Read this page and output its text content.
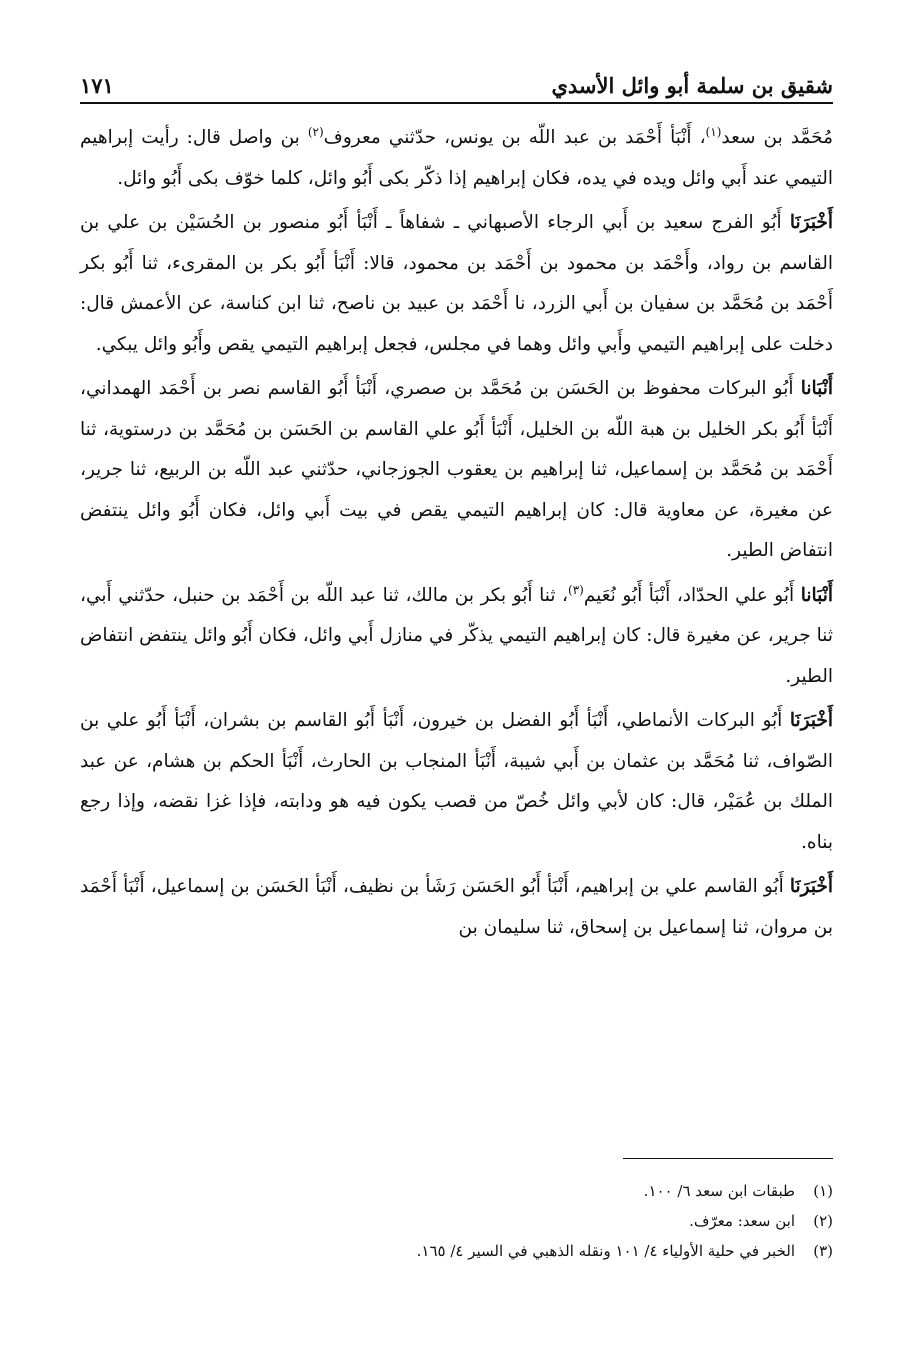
شقيق بن سلمة أبو وائل الأسدي
١٧١

مُحَمَّد بن سعد$^{(١)}$، أَنْبَأ أَحْمَد بن عبد اللّه بن يونس، حدّثني معروف$^{(٢)}$ بن واصل قال: رأيت إبراهيم التيمي عند أَبي وائل ويده في يده، فكان إبراهيم إذا ذكّر بكى أَبُو وائل، كلما خوّف بكى أَبُو وائل.

أَخْبَرَنَا أَبُو الفرج سعيد بن أَبي الرجاء الأصبهاني ـ شفاهاً ـ أَنْبَأ أَبُو منصور بن الحُسَيْن بن علي بن القاسم بن رواد، وأَحْمَد بن محمود بن أَحْمَد بن محمود، قالا: أَنْبَأ أَبُو بكر بن المقرىء، ثنا أَبُو بكر أَحْمَد بن مُحَمَّد بن سفيان بن أَبي الزرد، نا أَحْمَد بن عبيد بن ناصح، ثنا ابن كناسة، عن الأعمش قال: دخلت على إبراهيم التيمي وأَبي وائل وهما في مجلس، فجعل إبراهيم التيمي يقص وأَبُو وائل يبكي.

أَنْبَانا أَبُو البركات محفوظ بن الحَسَن بن مُحَمَّد بن صصري، أَنْبَأ أَبُو القاسم نصر بن أَحْمَد الهمداني، أَنْبَأ أَبُو بكر الخليل بن هبة اللّه بن الخليل، أَنْبَأ أَبُو علي القاسم بن الحَسَن بن مُحَمَّد بن درستوية، ثنا أَحْمَد بن مُحَمَّد بن إسماعيل، ثنا إبراهيم بن يعقوب الجوزجاني، حدّثني عبد اللّه بن الربيع، ثنا جرير، عن مغيرة، عن معاوية قال: كان إبراهيم التيمي يقص في بيت أَبي وائل، فكان أَبُو وائل ينتفض انتفاض الطير.

أَنْبَانا أَبُو علي الحدّاد، أَنْبَأ أَبُو نُعَيم$^{(٣)}$، ثنا أَبُو بكر بن مالك، ثنا عبد اللّه بن أَحْمَد بن حنبل، حدّثني أَبي، ثنا جرير، عن مغيرة قال: كان إبراهيم التيمي يذكّر في منازل أَبي وائل، فكان أَبُو وائل ينتفض انتفاض الطير.

أَخْبَرَنَا أَبُو البركات الأنماطي، أَنْبَأ أَبُو الفضل بن خيرون، أَنْبَأ أَبُو القاسم بن بشران، أَنْبَأ أَبُو علي بن الصّواف، ثنا مُحَمَّد بن عثمان بن أَبي شيبة، أَنْبَأ المنجاب بن الحارث، أَنْبَأ الحكم بن هشام، عن عبد الملك بن عُمَيْر، قال: كان لأبي وائل خُصّ من قصب يكون فيه هو ودابته، فإذا غزا نقضه، وإذا رجع بناه.

أَخْبَرَنَا أَبُو القاسم علي بن إبراهيم، أَنْبَأ أَبُو الحَسَن رَشَأ بن نظيف، أَنْبَأ الحَسَن بن إسماعيل، أَنْبَأ أَحْمَد بن مروان، ثنا إسماعيل بن إسحاق، ثنا سليمان بن

(١)
طبقات ابن سعد ٦/ ١٠٠.
(٢)
ابن سعد: معرّف.
(٣)
الخبر في حلية الأولياء ٤/ ١٠١ ونقله الذهبي في السير ٤/ ١٦٥.
